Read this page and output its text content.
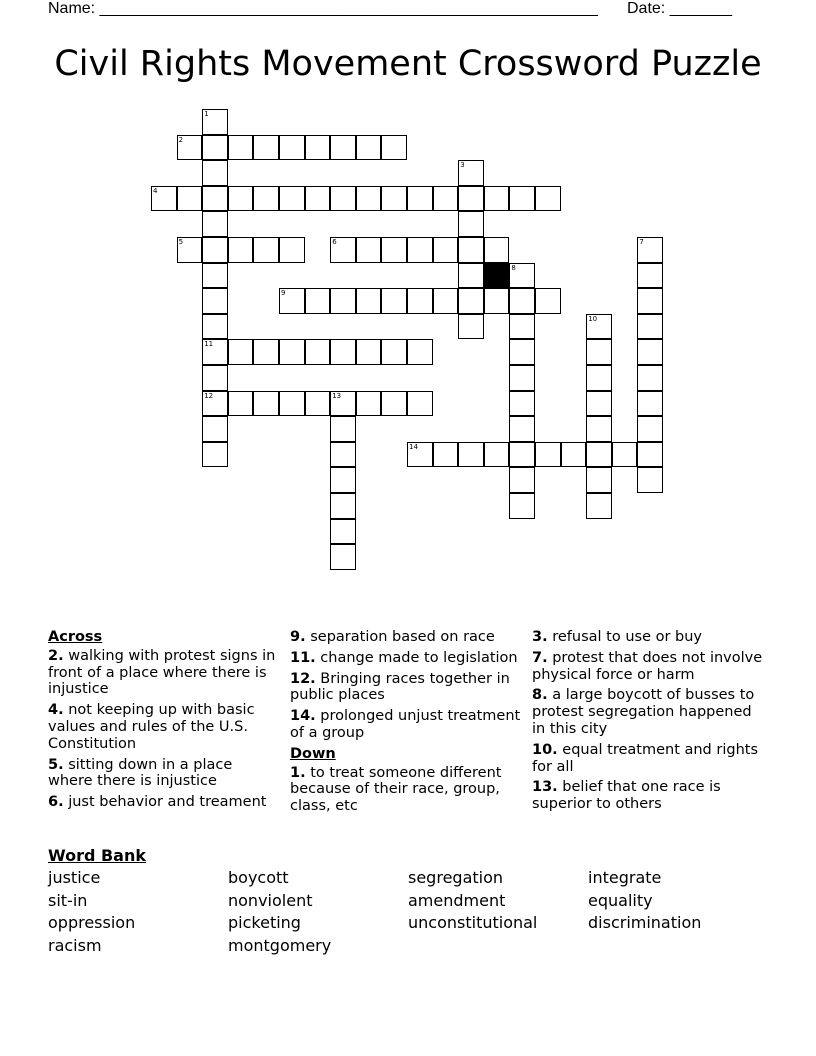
Name: ________________________________________________________ Date: _______
Civil Rights Movement Crossword Puzzle
1
2
3
4
5	6	7
8
9
10
11
12	13
14
Across
2. walking with protest signs in front of a place where there is injustice
4. not keeping up with basic values and rules of the U.S. Constitution
5. sitting down in a place where there is injustice
6. just behavior and treament
9. separation based on race
11. change made to legislation
12. Bringing races together in public places
14. prolonged unjust treatment of a group
Down
1. to treat someone different because of their race, group, class, etc
3. refusal to use or buy
7. protest that does not involve physical force or harm
8. a large boycott of busses to protest segregation happened in this city
10. equal treatment and rights for all
13. belief that one race is superior to others
Word Bank
justice
sit-in
oppression
racism
boycott
nonviolent
picketing
montgomery
segregation
amendment
unconstitutional
integrate
equality
discrimination
